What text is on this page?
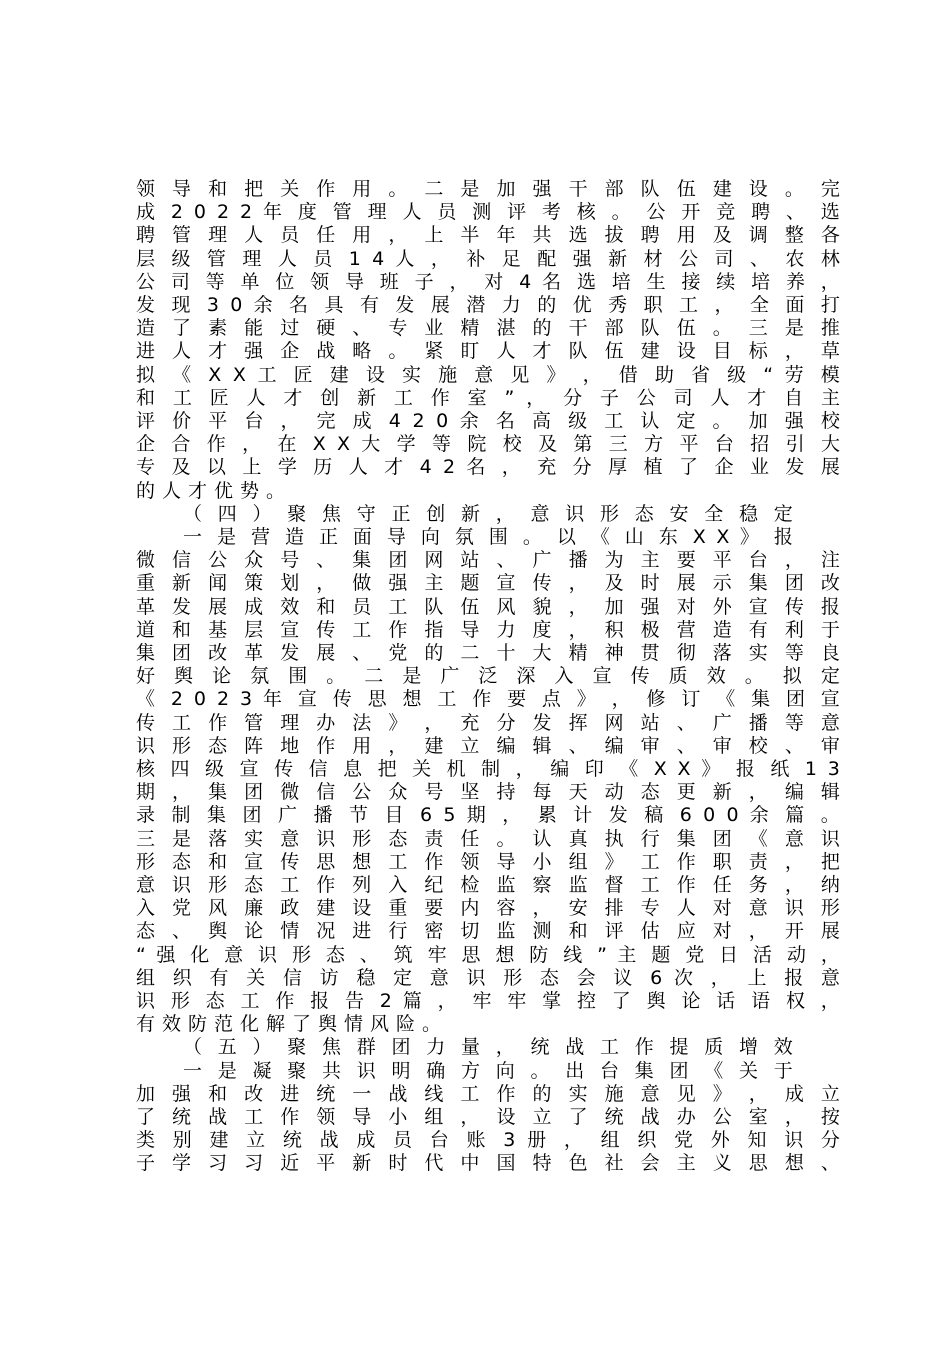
领 导 和 把 关 作 用 。 二 是 加 强 干 部 队 伍 建 设 。 完
成 2 0 2 2 年 度 管 理 人 员 测 评 考 核 。 公 开 竞 聘 、 选
聘 管 理 人 员 任 用 ， 上 半 年 共 选 拔 聘 用 及 调 整 各
层 级 管 理 人 员 1 4 人 ， 补 足 配 强 新 材 公 司 、 农 林
公 司 等 单 位 领 导 班 子 ， 对 4 名 选 培 生 接 续 培 养 ，
发 现 3 0 余 名 具 有 发 展 潜 力 的 优 秀 职 工 ， 全 面 打
造 了 素 能 过 硬 、 专 业 精 湛 的 干 部 队 伍 。 三 是 推
进 人 才 强 企 战 略 。 紧 盯 人 才 队 伍 建 设 目 标 ， 草
拟 《 X X 工 匠 建 设 实 施 意 见 》 ， 借 助 省 级 “ 劳 模
和 工 匠 人 才 创 新 工 作 室 ” ， 分 子 公 司 人 才 自 主
评 价 平 台 ， 完 成 4 2 0 余 名 高 级 工 认 定 。 加 强 校
企 合 作 ， 在 X X 大 学 等 院 校 及 第 三 方 平 台 招 引 大
专 及 以 上 学 历 人 才 4 2 名 ， 充 分 厚 植 了 企 业 发 展
的人才优势。
（ 四 ） 聚 焦 守 正 创 新 ， 意 识 形 态 安 全 稳 定
一 是 营 造 正 面 导 向 氛 围 。 以 《 山 东 X X 》 报
微 信 公 众 号 、 集 团 网 站 、 广 播 为 主 要 平 台 ， 注
重 新 闻 策 划 ， 做 强 主 题 宣 传 ， 及 时 展 示 集 团 改
革 发 展 成 效 和 员 工 队 伍 风 貌 ， 加 强 对 外 宣 传 报
道 和 基 层 宣 传 工 作 指 导 力 度 ， 积 极 营 造 有 利 于
集 团 改 革 发 展 、 党 的 二 十 大 精 神 贯 彻 落 实 等 良
好 舆 论 氛 围 。 二 是 广 泛 深 入 宣 传 质 效 。 拟 定
《 2 0 2 3 年 宣 传 思 想 工 作 要 点 》 ， 修 订 《 集 团 宣
传 工 作 管 理 办 法 》 ， 充 分 发 挥 网 站 、 广 播 等 意
识 形 态 阵 地 作 用 ， 建 立 编 辑 、 编 审 、 审 校 、 审
核 四 级 宣 传 信 息 把 关 机 制 ， 编 印 《 X X 》 报 纸 1 3
期 ， 集 团 微 信 公 众 号 坚 持 每 天 动 态 更 新 ， 编 辑
录 制 集 团 广 播 节 目 6 5 期 ， 累 计 发 稿 6 0 0 余 篇 。
三 是 落 实 意 识 形 态 责 任 。 认 真 执 行 集 团 《 意 识
形 态 和 宣 传 思 想 工 作 领 导 小 组 》 工 作 职 责 ， 把
意 识 形 态 工 作 列 入 纪 检 监 察 监 督 工 作 任 务 ， 纳
入 党 风 廉 政 建 设 重 要 内 容 ， 安 排 专 人 对 意 识 形
态 、 舆 论 情 况 进 行 密 切 监 测 和 评 估 应 对 ， 开 展
“ 强 化 意 识 形 态 、 筑 牢 思 想 防 线 ” 主 题 党 日 活 动 ，
组 织 有 关 信 访 稳 定 意 识 形 态 会 议 6 次 ， 上 报 意
识 形 态 工 作 报 告 2 篇 ， 牢 牢 掌 控 了 舆 论 话 语 权 ，
有效防范化解了舆情风险。
（ 五 ） 聚 焦 群 团 力 量 ， 统 战 工 作 提 质 增 效
一 是 凝 聚 共 识 明 确 方 向 。 出 台 集 团 《 关 于
加 强 和 改 进 统 一 战 线 工 作 的 实 施 意 见 》 ， 成 立
了 统 战 工 作 领 导 小 组 ， 设 立 了 统 战 办 公 室 ， 按
类 别 建 立 统 战 成 员 台 账 3 册 ， 组 织 党 外 知 识 分
子 学 习 习 近 平 新 时 代 中 国 特 色 社 会 主 义 思 想 、
